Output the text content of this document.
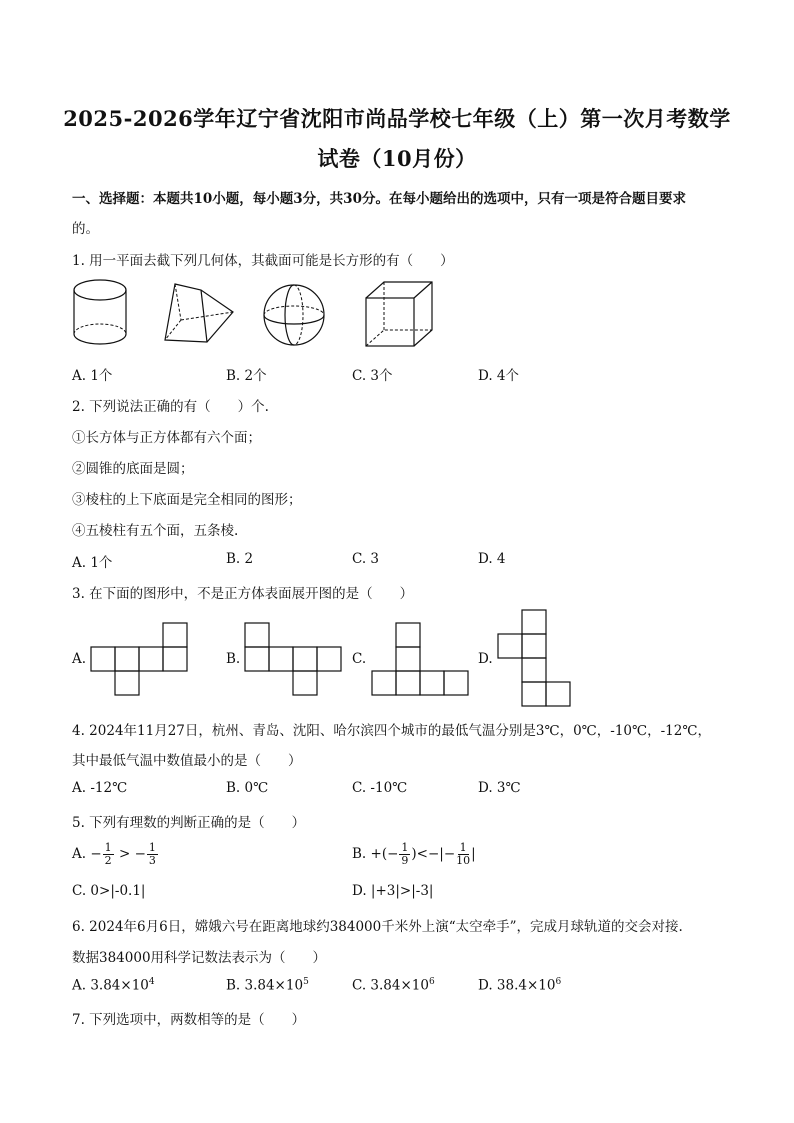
2025-2026学年辽宁省沈阳市尚品学校七年级（上）第一次月考数学
试卷（10月份）
一、选择题：本题共10小题，每小题3分，共30分。在每小题给出的选项中，只有一项是符合题目要求
的。
1. 用一平面去截下列几何体，其截面可能是长方形的有（　　）
A. 1个	B. 2个	C. 3个	D. 4个
2. 下列说法正确的有（　　）个.
①长方体与正方体都有六个面；
②圆锥的底面是圆；
③棱柱的上下底面是完全相同的图形；
④五棱柱有五个面，五条棱.
A. 1个	B. 2	C. 3	D. 4
3. 在下面的图形中，不是正方体表面展开图的是（　　）
A.	B.	C.	D.
4. 2024年11月27日，杭州、青岛、沈阳、哈尔滨四个城市的最低气温分别是3℃，0℃，-10℃，-12℃，
其中最低气温中数值最小的是（　　）
A. -12℃	B. 0℃	C. -10℃	D. 3℃
5. 下列有理数的判断正确的是（　　）
A. − $\frac{1}{2}$ > − $\frac{1}{3}$	B. +(− $\frac{1}{9}$ )<−|− $\frac{1}{10}$ |
C. 0>|-0.1|	D. |+3|>|-3|
6. 2024年6月6日，嫦娥六号在距离地球约384000千米外上演“太空牵手”，完成月球轨道的交会对接.
数据384000用科学记数法表示为（　　）
A. $3.84\times 10^4$	B. $3.84\times 10^5$	C. $3.84\times 10^6$	D. $38.4\times 10^6$
7. 下列选项中，两数相等的是（　　）
